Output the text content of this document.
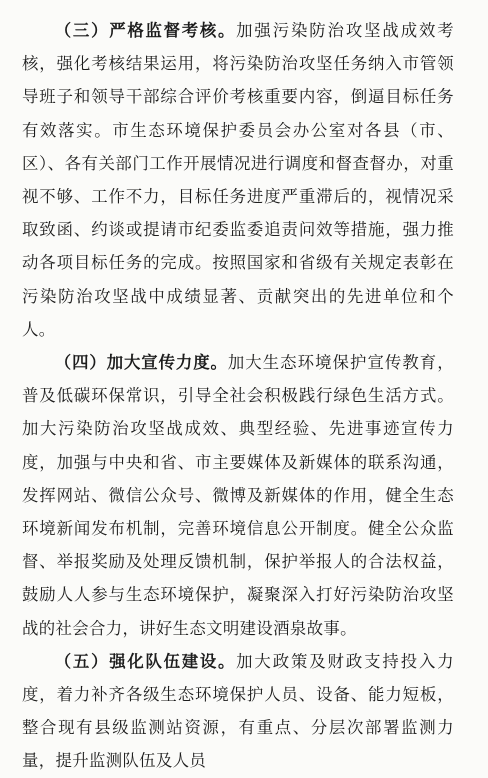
（三）严格监督考核。加强污染防治攻坚战成效考核，强化考核结果运用，将污染防治攻坚任务纳入市管领导班子和领导干部综合评价考核重要内容，倒逼目标任务有效落实。市生态环境保护委员会办公室对各县（市、区）、各有关部门工作开展情况进行调度和督查督办，对重视不够、工作不力，目标任务进度严重滞后的，视情况采取致函、约谈或提请市纪委监委追责问效等措施，强力推动各项目标任务的完成。按照国家和省级有关规定表彰在污染防治攻坚战中成绩显著、贡献突出的先进单位和个人。

（四）加大宣传力度。加大生态环境保护宣传教育，普及低碳环保常识，引导全社会积极践行绿色生活方式。加大污染防治攻坚战成效、典型经验、先进事迹宣传力度，加强与中央和省、市主要媒体及新媒体的联系沟通，发挥网站、微信公众号、微博及新媒体的作用，健全生态环境新闻发布机制，完善环境信息公开制度。健全公众监督、举报奖励及处理反馈机制，保护举报人的合法权益，鼓励人人参与生态环境保护，凝聚深入打好污染防治攻坚战的社会合力，讲好生态文明建设酒泉故事。

（五）强化队伍建设。加大政策及财政支持投入力度，着力补齐各级生态环境保护人员、设备、能力短板，整合现有县级监测站资源，有重点、分层次部署监测力量，提升监测队伍及人员
